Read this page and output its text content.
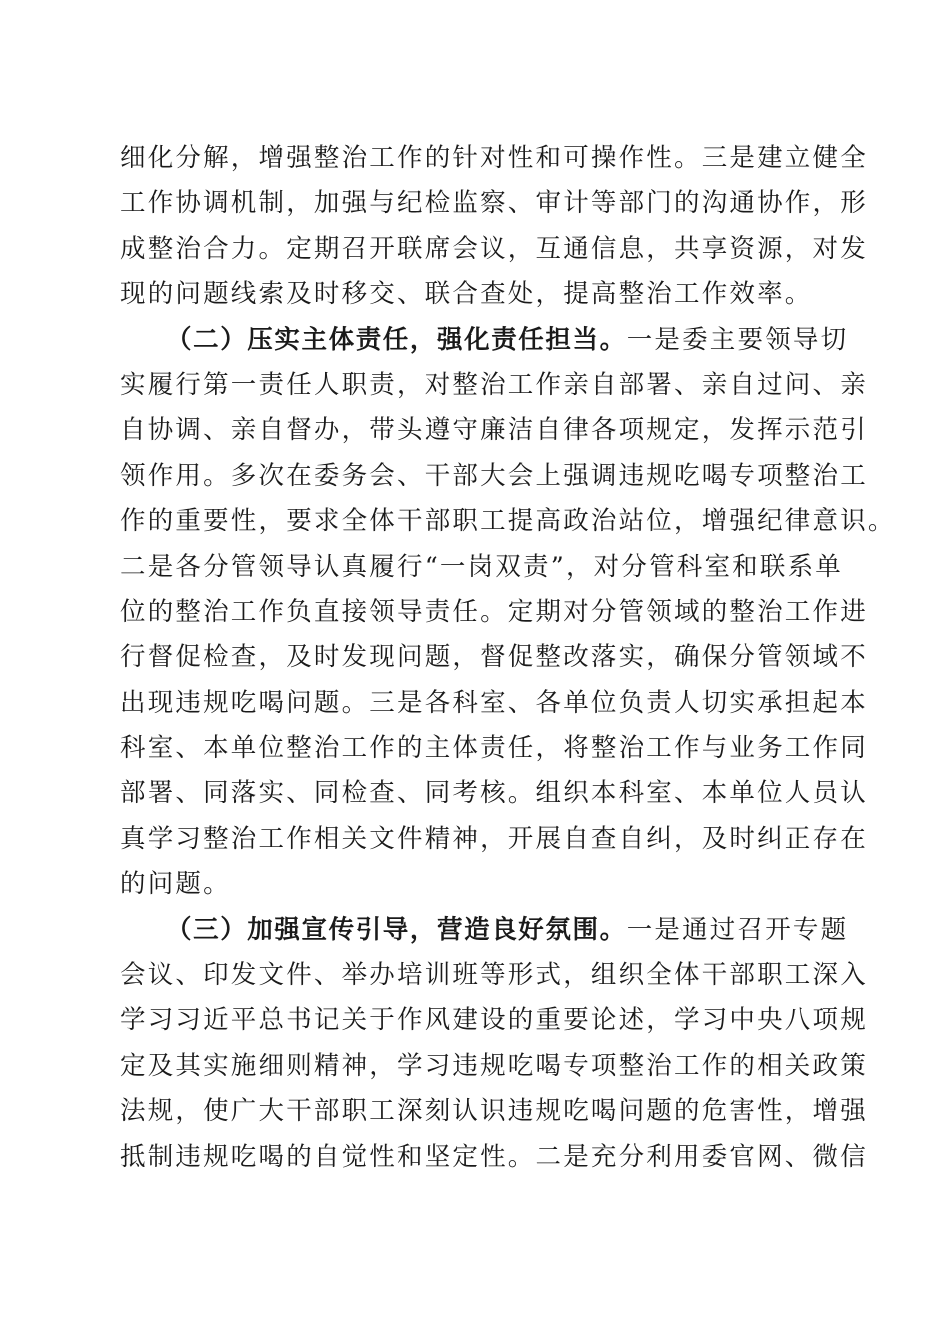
细化分解，增强整治工作的针对性和可操作性。三是建立健全
工作协调机制，加强与纪检监察、审计等部门的沟通协作，形
成整治合力。定期召开联席会议，互通信息，共享资源，对发
现的问题线索及时移交、联合查处，提高整治工作效率。
（二）压实主体责任，强化责任担当。一是委主要领导切
实履行第一责任人职责，对整治工作亲自部署、亲自过问、亲
自协调、亲自督办，带头遵守廉洁自律各项规定，发挥示范引
领作用。多次在委务会、干部大会上强调违规吃喝专项整治工
作的重要性，要求全体干部职工提高政治站位，增强纪律意识。
二是各分管领导认真履行“一岗双责”，对分管科室和联系单
位的整治工作负直接领导责任。定期对分管领域的整治工作进
行督促检查，及时发现问题，督促整改落实，确保分管领域不
出现违规吃喝问题。三是各科室、各单位负责人切实承担起本
科室、本单位整治工作的主体责任，将整治工作与业务工作同
部署、同落实、同检查、同考核。组织本科室、本单位人员认
真学习整治工作相关文件精神，开展自查自纠，及时纠正存在
的问题。
（三）加强宣传引导，营造良好氛围。一是通过召开专题
会议、印发文件、举办培训班等形式，组织全体干部职工深入
学习习近平总书记关于作风建设的重要论述，学习中央八项规
定及其实施细则精神，学习违规吃喝专项整治工作的相关政策
法规，使广大干部职工深刻认识违规吃喝问题的危害性，增强
抵制违规吃喝的自觉性和坚定性。二是充分利用委官网、微信
